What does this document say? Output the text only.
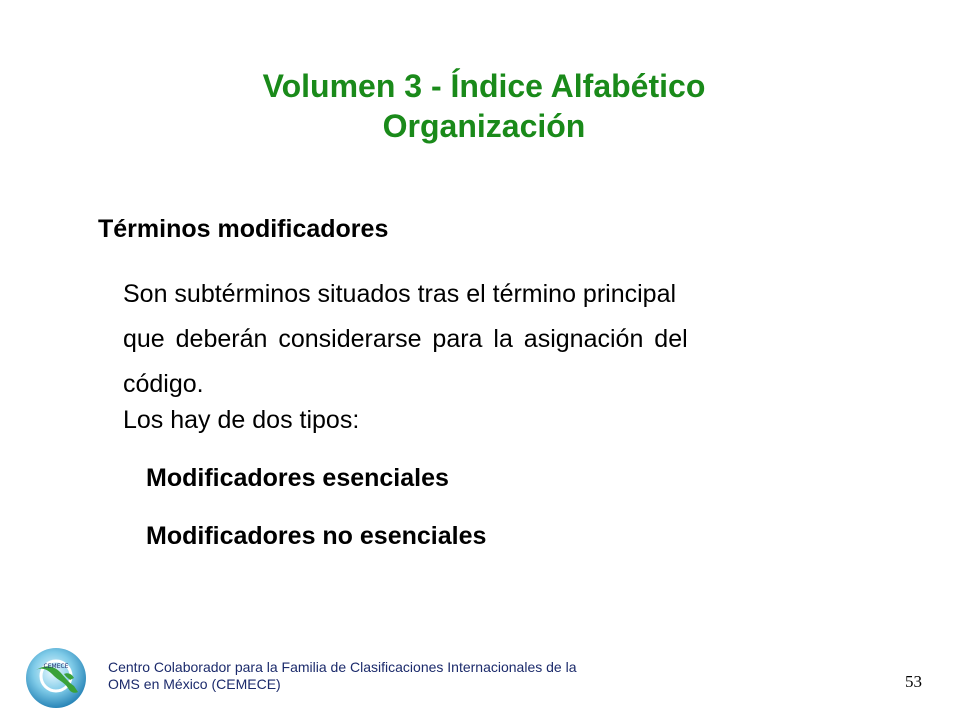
Volumen 3 - Índice Alfabético
Organización
Términos modificadores
Son subtérminos situados tras el término principal
que deberán considerarse para la asignación del
código.
Los hay de dos tipos:
Modificadores esenciales
Modificadores no esenciales
CEMECE	Centro Colaborador para la Familia de Clasificaciones Internacionales de la
OMS en México (CEMECE)	53
